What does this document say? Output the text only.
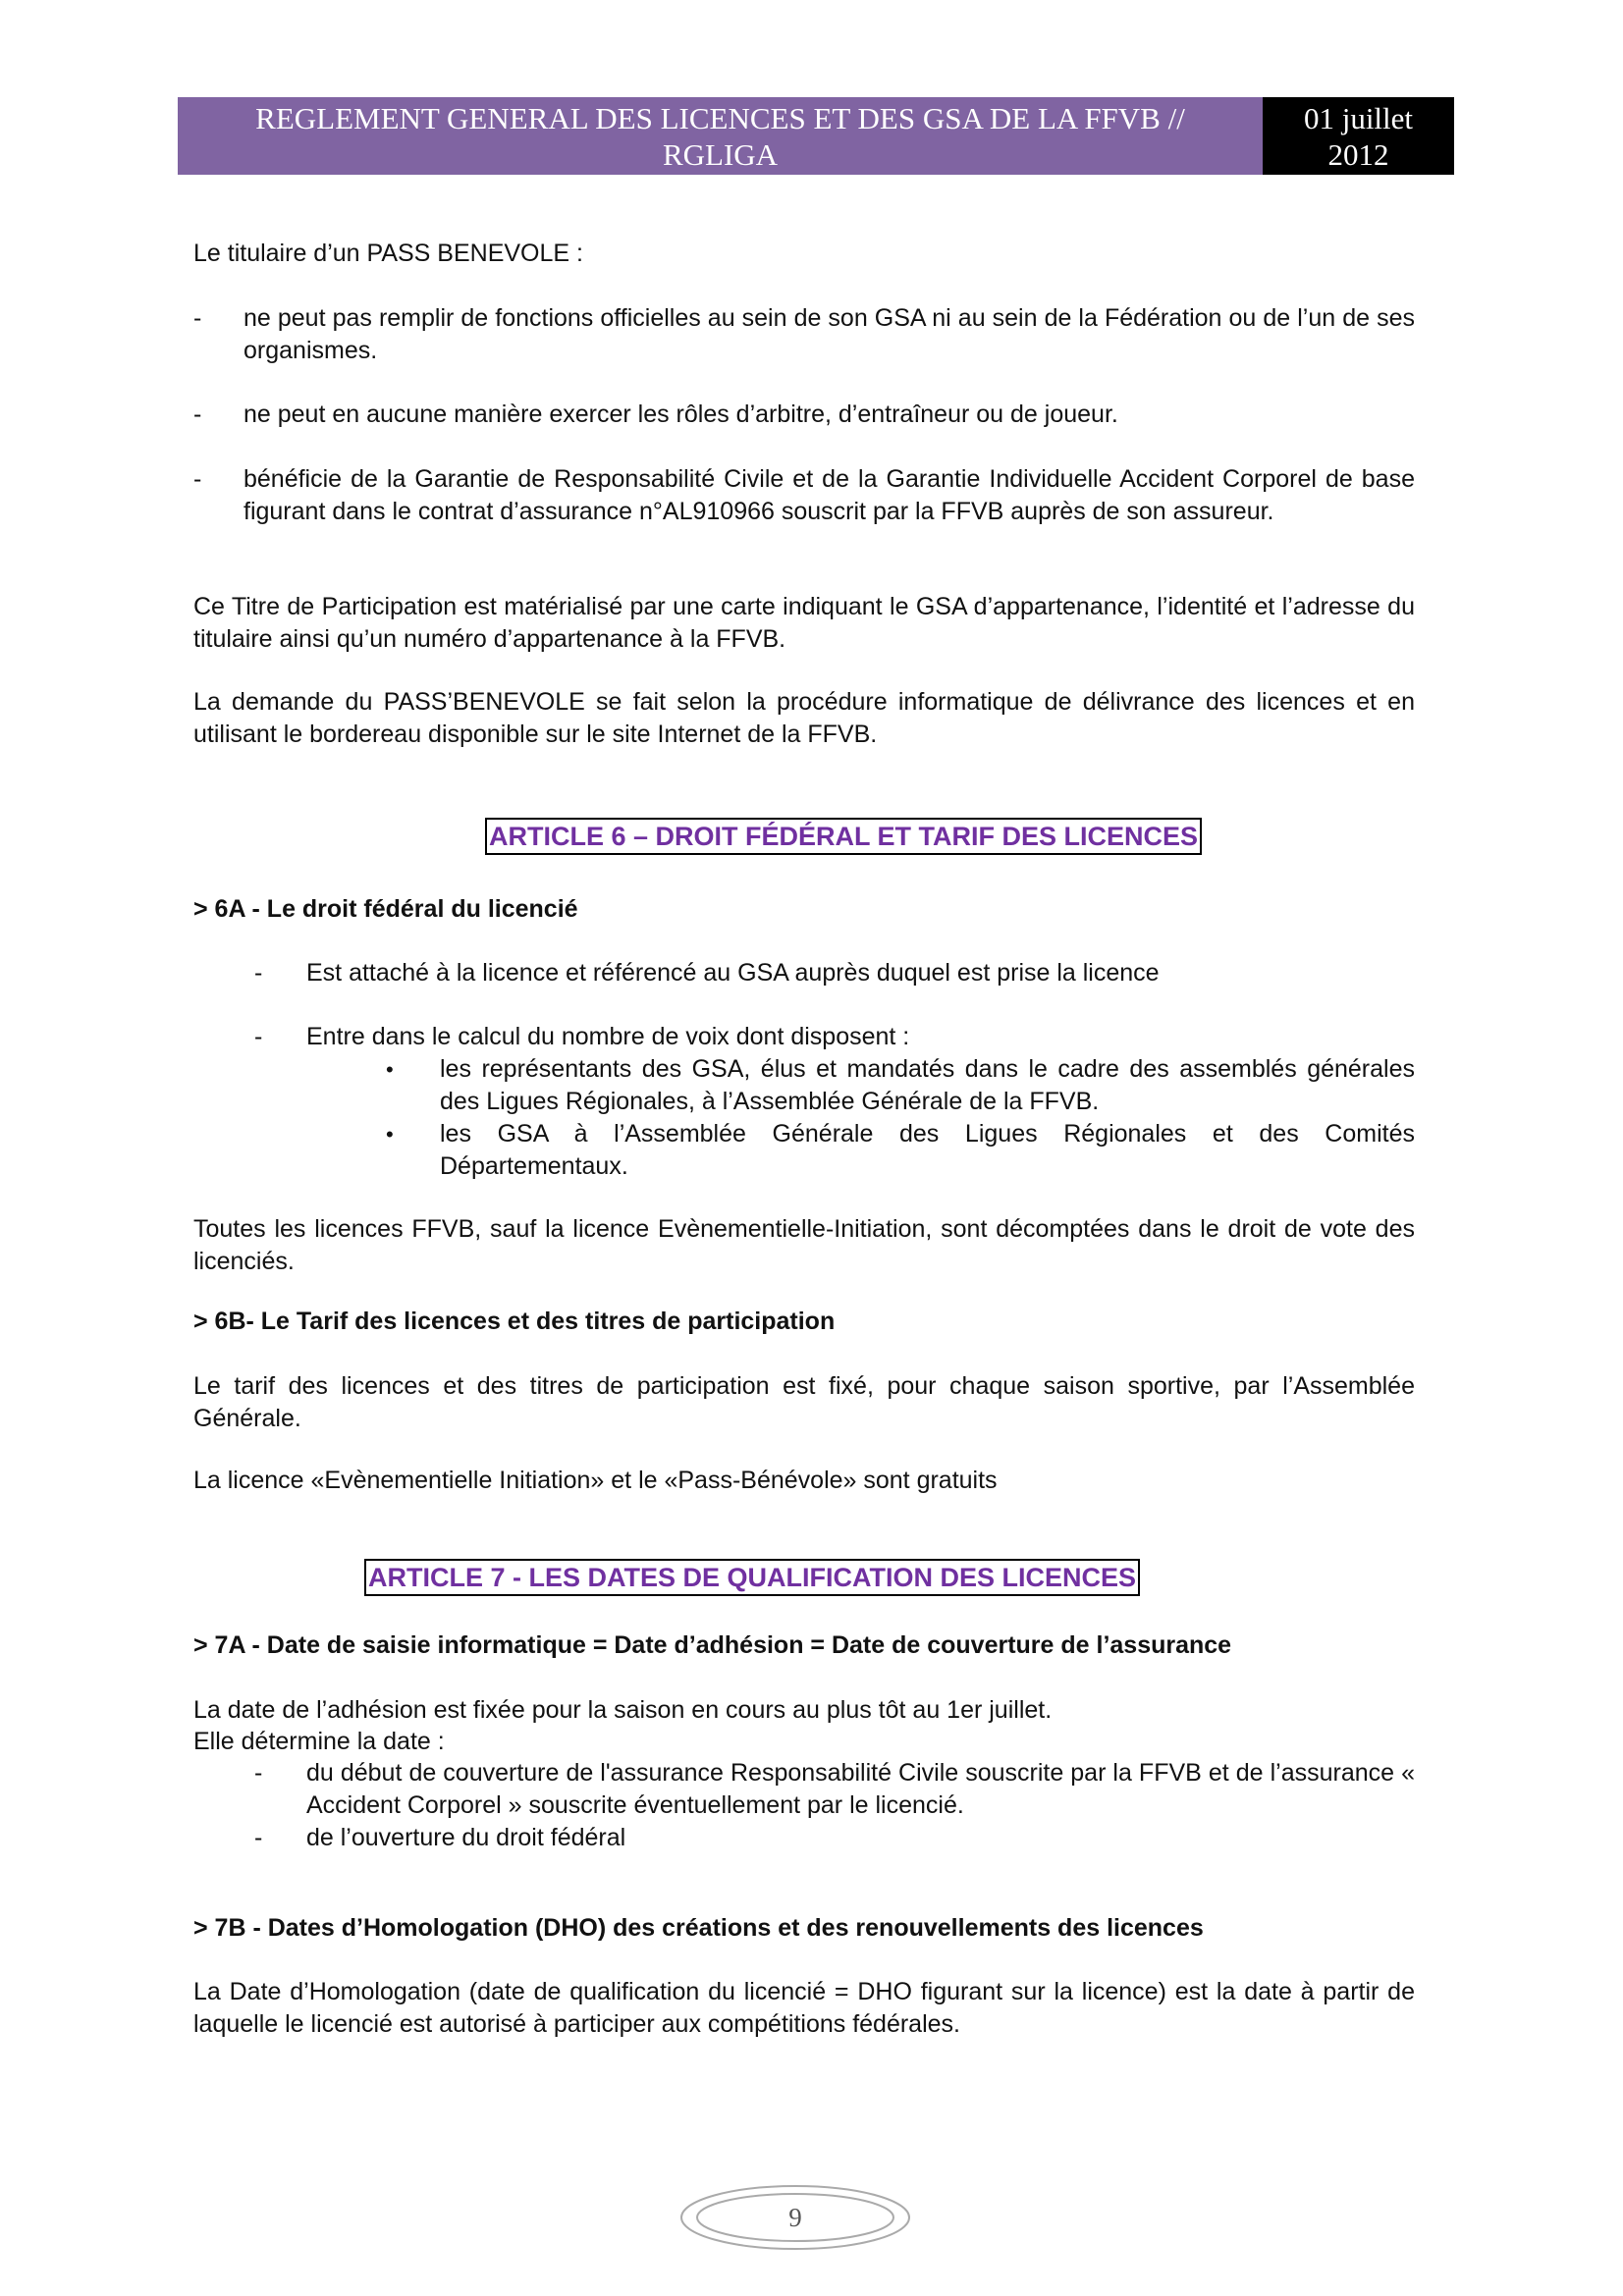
REGLEMENT GENERAL DES LICENCES ET DES GSA DE LA FFVB //
RGLIGA
01 juillet
2012

Le titulaire d’un PASS BENEVOLE :

-	ne peut pas remplir de fonctions officielles au sein de son GSA ni au sein de la Fédération ou de l’un de ses organismes.
-	ne peut en aucune manière exercer les rôles d’arbitre, d’entraîneur ou de joueur.
-	bénéficie de la Garantie de Responsabilité Civile et de la Garantie Individuelle Accident Corporel de base figurant dans le contrat d’assurance n°AL910966 souscrit par la FFVB auprès de son assureur.

Ce Titre de Participation est matérialisé par une carte indiquant le GSA d’appartenance, l’identité et l’adresse du titulaire ainsi qu’un numéro d’appartenance à la FFVB.

La demande du PASS’BENEVOLE se fait selon la procédure informatique de délivrance des licences et en utilisant le bordereau disponible sur le site Internet de la FFVB.

ARTICLE 6 – DROIT FÉDÉRAL ET TARIF DES LICENCES
> 6A - Le droit fédéral du licencié
-	Est attaché à la licence et référencé au GSA auprès duquel est prise la licence
-	Entre dans le calcul du nombre de voix dont disposent :
•	les représentants des GSA, élus et mandatés dans le cadre des assemblés générales des Ligues Régionales, à l’Assemblée Générale de la FFVB.
•	les GSA à l’Assemblée Générale des Ligues Régionales et des Comités Départementaux.

Toutes les licences FFVB, sauf la licence Evènementielle-Initiation, sont décomptées dans le droit de vote des licenciés.

> 6B- Le Tarif des licences et des titres de participation

Le tarif des licences et des titres de participation est fixé, pour chaque saison sportive, par l’Assemblée Générale.

La licence «Evènementielle Initiation» et le «Pass-Bénévole» sont gratuits

ARTICLE 7 - LES DATES DE QUALIFICATION DES LICENCES
> 7A - Date de saisie informatique = Date d’adhésion = Date de couverture de l’assurance

La date de l’adhésion est fixée pour la saison en cours au plus tôt au 1er juillet.

Elle détermine la date :

-	du début de couverture de l'assurance Responsabilité Civile souscrite par la FFVB et de l’assurance « Accident Corporel » souscrite éventuellement par le licencié.
-	de l’ouverture du droit fédéral
> 7B - Dates d’Homologation (DHO) des créations et des renouvellements des licences

La Date d’Homologation (date de qualification du licencié = DHO figurant sur la licence) est la date à partir de laquelle le licencié est autorisé à participer aux compétitions fédérales.

9
